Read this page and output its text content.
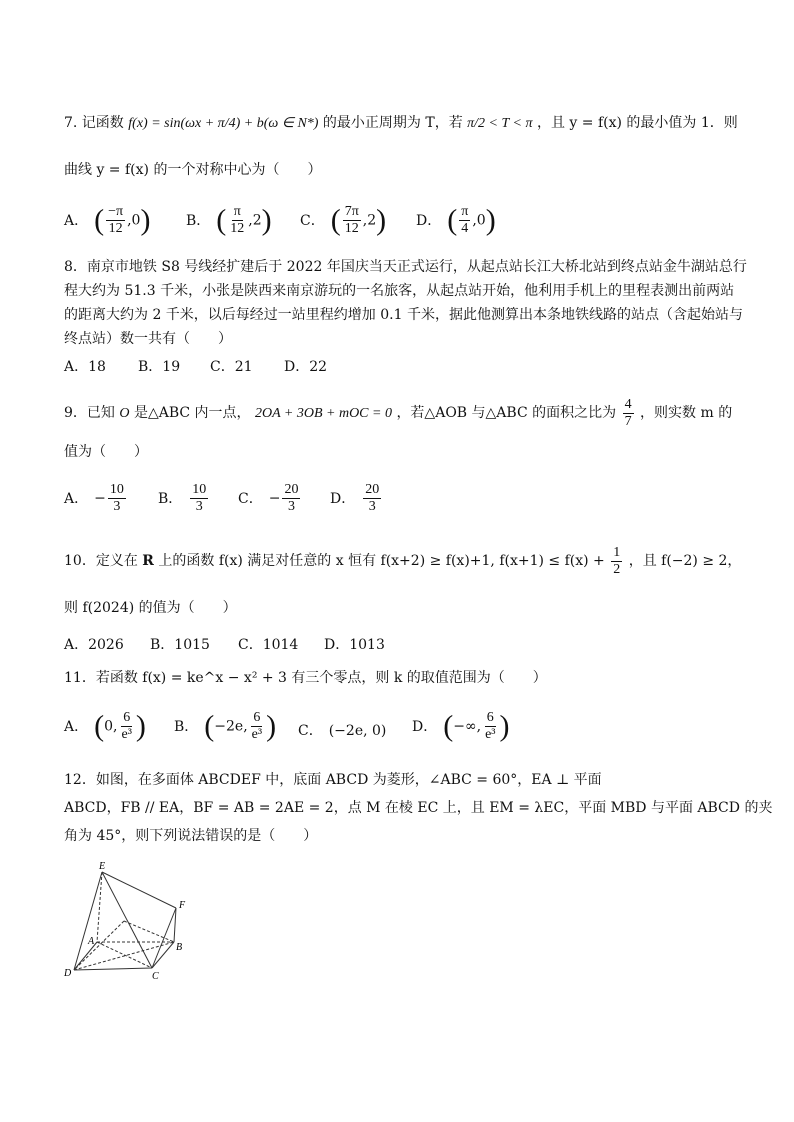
7. 记函数 f(x) = sin(ωx + π/4) + b(ω ∈ N*) 的最小正周期为 T，若 π/2 < T < π ，且 y = f(x) 的最小值为 1．则
曲线 y = f(x) 的一个对称中心为（　　）
A． ( $\frac{-\pi}{12} ,0$)	B． ( $\frac{\pi}{12} ,2$) C． ( $\frac{7\pi}{12} ,2$) D． ( $\frac{\pi}{4} ,0$)
8．南京市地铁 S8 号线经扩建后于 2022 年国庆当天正式运行，从起点站长江大桥北站到终点站金牛湖站总行
程大约为 51.3 千米，小张是陕西来南京游玩的一名旅客，从起点站开始，他利用手机上的里程表测出前两站
的距离大约为 2 千米，以后每经过一站里程约增加 0.1 千米，据此他测算出本条地铁线路的站点（含起始站与
终点站）数一共有（　　）
A．18 B．19 C．21 D．22
9．已知 O 是△ABC 内一点， 2OA + 3OB + mOC = 0 ，若△AOB 与△ABC 的面积之比为 $\frac{4}{7}$ ，则实数 m 的
值为（　　）
A． − $\frac{10}{3}$ B． $\frac{10}{3}$ C． − $\frac{20}{3}$ D． $\frac{20}{3}$
10．定义在 R 上的函数 f(x) 满足对任意的 x 恒有 f(x+2) ≥ f(x)+1, $f(x+1) \le f(x) + \frac{1}{2}$ ，且 f(−2) ≥ 2，
则 f(2024) 的值为（　　）
A．2026 B．1015 C．1014 D．1013
11．若函数 f(x) = ke^x − x² + 3 有三个零点，则 k 的取值范围为（　　）
A． (0, $\frac{6}{\text{e³}}$ ) B． (−2e, $\frac{6}{\text{e³}}$ ) C． (−2e, 0) D． (−∞, $\frac{6}{\text{e³}}$ )
12．如图，在多面体 ABCDEF 中，底面 ABCD 为菱形，∠ABC = 60°，EA ⊥ 平面
ABCD，FB // EA，BF = AB = 2AE = 2，点 M 在棱 EC 上，且 EM = λEC，平面 MBD 与平面 ABCD 的夹
角为 45°，则下列说法错误的是（　　）
E
F
A
B
D	C
